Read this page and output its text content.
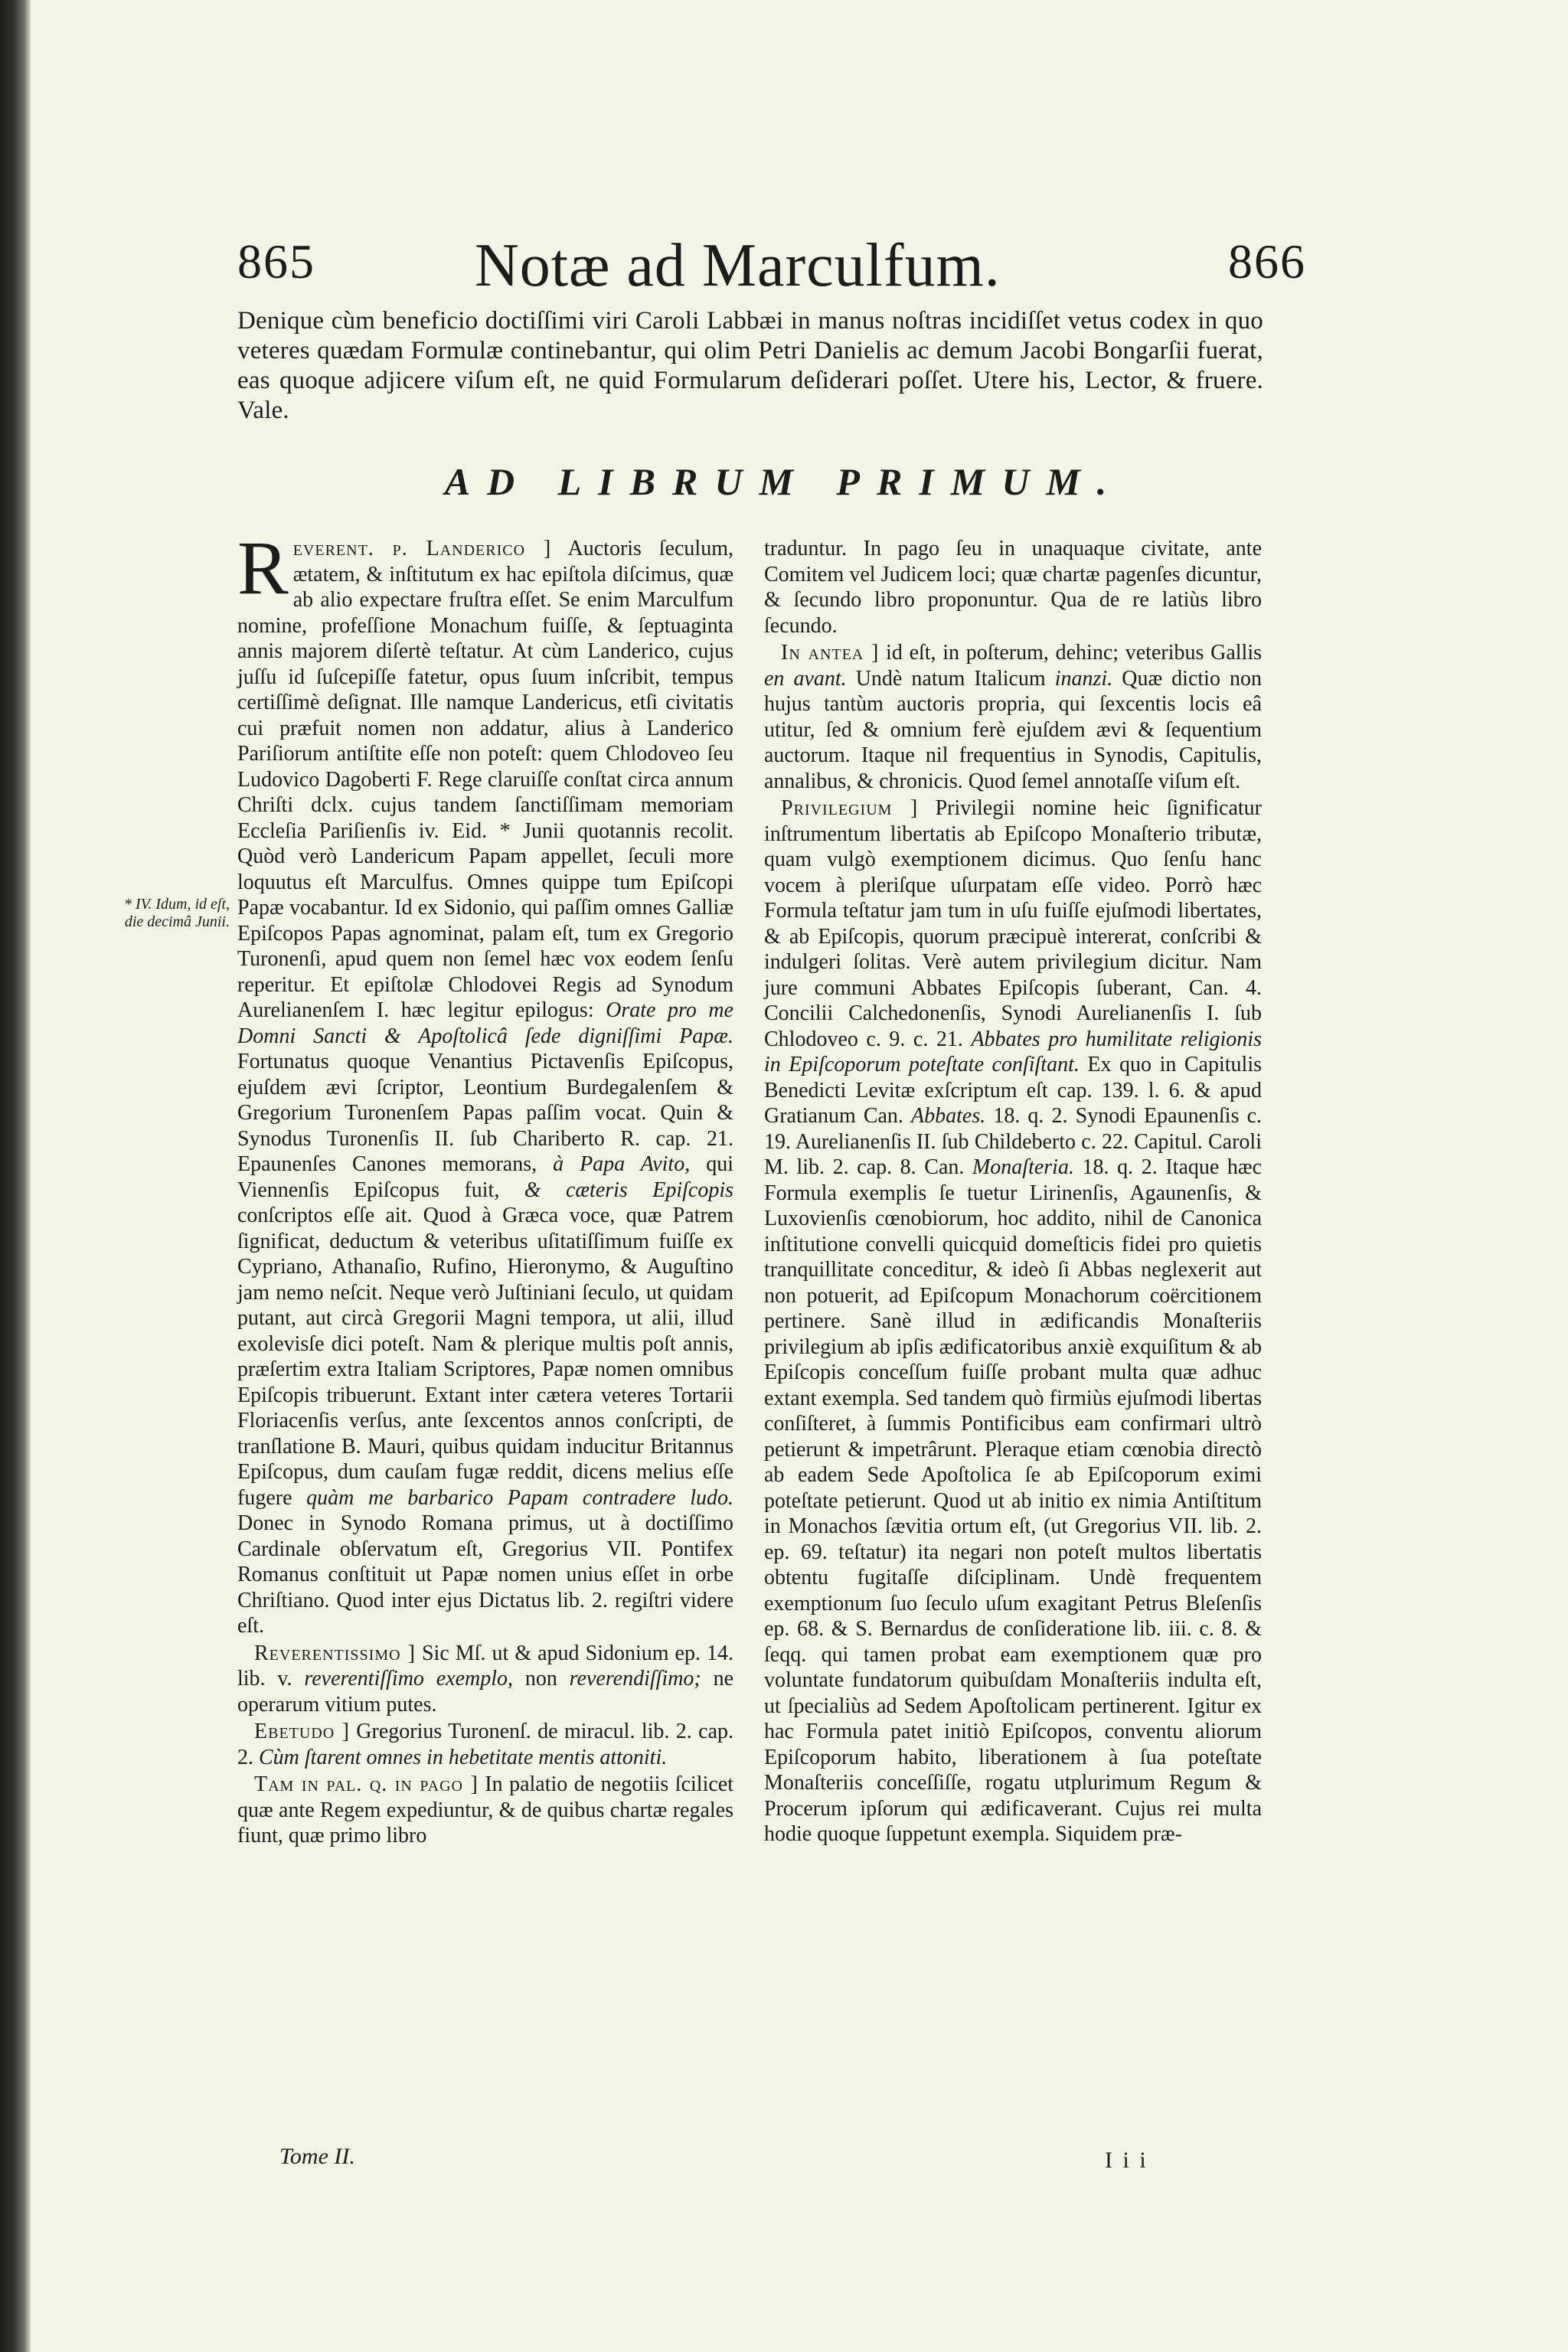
865	Notæ ad Marculfum.	866

Denique cùm beneficio doctiſſimi viri Caroli Labbæi in manus noſtras incidiſſet vetus codex in quo veteres quædam Formulæ continebantur, qui olim Petri Danielis ac demum Jacobi Bongarſii fuerat, eas quoque adjicere viſum eſt, ne quid Formularum deſiderari poſſet. Utere his, Lector, & fruere. Vale.

AD LIBRUM PRIMUM.

* IV. Idum, id eſt, die decimâ Junii.

Reverent. p. Landerico ] Auctoris ſeculum, ætatem, & inſtitutum ex hac epiſtola diſcimus, quæ ab alio expectare fruſtra eſſet. Se enim Marculfum nomine, profeſſione Monachum fuiſſe, & ſeptuaginta annis majorem diſertè teſtatur. At cùm Landerico, cujus juſſu id ſuſcepiſſe fatetur, opus ſuum inſcribit, tempus certiſſimè deſignat. Ille namque Landericus, etſi civitatis cui præfuit nomen non addatur, alius à Landerico Pariſiorum antiſtite eſſe non poteſt: quem Chlodoveo ſeu Ludovico Dagoberti F. Rege claruiſſe conſtat circa annum Chriſti dclx. cujus tandem ſanctiſſimam memoriam Eccleſia Pariſienſis iv. Eid. * Junii quotannis recolit. Quòd verò Landericum Papam appellet, ſeculi more loquutus eſt Marculfus. Omnes quippe tum Epiſcopi Papæ vocabantur. Id ex Sidonio, qui paſſim omnes Galliæ Epiſcopos Papas agnominat, palam eſt, tum ex Gregorio Turonenſi, apud quem non ſemel hæc vox eodem ſenſu reperitur. Et epiſtolæ Chlodovei Regis ad Synodum Aurelianenſem I. hæc legitur epilogus: Orate pro me Domni Sancti & Apoſtolicâ ſede digniſſimi Papæ. Fortunatus quoque Venantius Pictavenſis Epiſcopus, ejuſdem ævi ſcriptor, Leontium Burdegalenſem & Gregorium Turonenſem Papas paſſim vocat. Quin & Synodus Turonenſis II. ſub Chariberto R. cap. 21. Epaunenſes Canones memorans, à Papa Avito, qui Viennenſis Epiſcopus fuit, & cæteris Epiſcopis conſcriptos eſſe ait. Quod à Græca voce, quæ Patrem ſignificat, deductum & veteribus uſitatiſſimum fuiſſe ex Cypriano, Athanaſio, Rufino, Hieronymo, & Auguſtino jam nemo neſcit. Neque verò Juſtiniani ſeculo, ut quidam putant, aut circà Gregorii Magni tempora, ut alii, illud exolevisſe dici poteſt. Nam & plerique multis poſt annis, præſertim extra Italiam Scriptores, Papæ nomen omnibus Epiſcopis tribuerunt. Extant inter cætera veteres Tortarii Floriacenſis verſus, ante ſexcentos annos conſcripti, de tranſlatione B. Mauri, quibus quidam inducitur Britannus Epiſcopus, dum cauſam fugæ reddit, dicens melius eſſe fugere quàm me barbarico Papam contradere ludo. Donec in Synodo Romana primus, ut à doctiſſimo Cardinale obſervatum eſt, Gregorius VII. Pontifex Romanus conſtituit ut Papæ nomen unius eſſet in orbe Chriſtiano. Quod inter ejus Dictatus lib. 2. regiſtri videre eſt.

Reverentissimo ] Sic Mſ. ut & apud Sidonium ep. 14. lib. v. reverentiſſimo exemplo, non reverendiſſimo; ne operarum vitium putes.

Ebetudo ] Gregorius Turonenſ. de miracul. lib. 2. cap. 2. Cùm ſtarent omnes in hebetitate mentis attoniti.

Tam in pal. q. in pago ] In palatio de negotiis ſcilicet quæ ante Regem expediuntur, & de quibus chartæ regales fiunt, quæ primo libro

traduntur. In pago ſeu in unaquaque civitate, ante Comitem vel Judicem loci; quæ chartæ pagenſes dicuntur, & ſecundo libro proponuntur. Qua de re latiùs libro ſecundo.

In antea ] id eſt, in poſterum, dehinc; veteribus Gallis en avant. Undè natum Italicum inanzi. Quæ dictio non hujus tantùm auctoris propria, qui ſexcentis locis eâ utitur, ſed & omnium ferè ejuſdem ævi & ſequentium auctorum. Itaque nil frequentius in Synodis, Capitulis, annalibus, & chronicis. Quod ſemel annotaſſe viſum eſt.

Privilegium ] Privilegii nomine heic ſignificatur inſtrumentum libertatis ab Epiſcopo Monaſterio tributæ, quam vulgò exemptionem dicimus. Quo ſenſu hanc vocem à pleriſque uſurpatam eſſe video. Porrò hæc Formula teſtatur jam tum in uſu fuiſſe ejuſmodi libertates, & ab Epiſcopis, quorum præcipuè intererat, conſcribi & indulgeri ſolitas. Verè autem privilegium dicitur. Nam jure communi Abbates Epiſcopis ſuberant, Can. 4. Concilii Calchedonenſis, Synodi Aurelianenſis I. ſub Chlodoveo c. 9. c. 21. Abbates pro humilitate religionis in Epiſcoporum poteſtate conſiſtant. Ex quo in Capitulis Benedicti Levitæ exſcriptum eſt cap. 139. l. 6. & apud Gratianum Can. Abbates. 18. q. 2. Synodi Epaunenſis c. 19. Aurelianenſis II. ſub Childeberto c. 22. Capitul. Caroli M. lib. 2. cap. 8. Can. Monaſteria. 18. q. 2. Itaque hæc Formula exemplis ſe tuetur Lirinenſis, Agaunenſis, & Luxovienſis cœnobiorum, hoc addito, nihil de Canonica inſtitutione convelli quicquid domeſticis fidei pro quietis tranquillitate conceditur, & ideò ſi Abbas neglexerit aut non potuerit, ad Epiſcopum Monachorum coërcitionem pertinere. Sanè illud in ædificandis Monaſteriis privilegium ab ipſis ædificatoribus anxiè exquiſitum & ab Epiſcopis conceſſum fuiſſe probant multa quæ adhuc extant exempla. Sed tandem quò firmiùs ejuſmodi libertas conſiſteret, à ſummis Pontificibus eam confirmari ultrò petierunt & impetrârunt. Pleraque etiam cœnobia directò ab eadem Sede Apoſtolica ſe ab Epiſcoporum eximi poteſtate petierunt. Quod ut ab initio ex nimia Antiſtitum in Monachos ſævitia ortum eſt, (ut Gregorius VII. lib. 2. ep. 69. teſtatur) ita negari non poteſt multos libertatis obtentu fugitaſſe diſciplinam. Undè frequentem exemptionum ſuo ſeculo uſum exagitant Petrus Bleſenſis ep. 68. & S. Bernardus de conſideratione lib. iii. c. 8. & ſeqq. qui tamen probat eam exemptionem quæ pro voluntate fundatorum quibuſdam Monaſteriis indulta eſt, ut ſpecialiùs ad Sedem Apoſtolicam pertinerent. Igitur ex hac Formula patet initiò Epiſcopos, conventu aliorum Epiſcoporum habito, liberationem à ſua poteſtate Monaſteriis conceſſiſſe, rogatu utplurimum Regum & Procerum ipſorum qui ædificaverant. Cujus rei multa hodie quoque ſuppetunt exempla. Siquidem præ-

Tome II.	I i i
